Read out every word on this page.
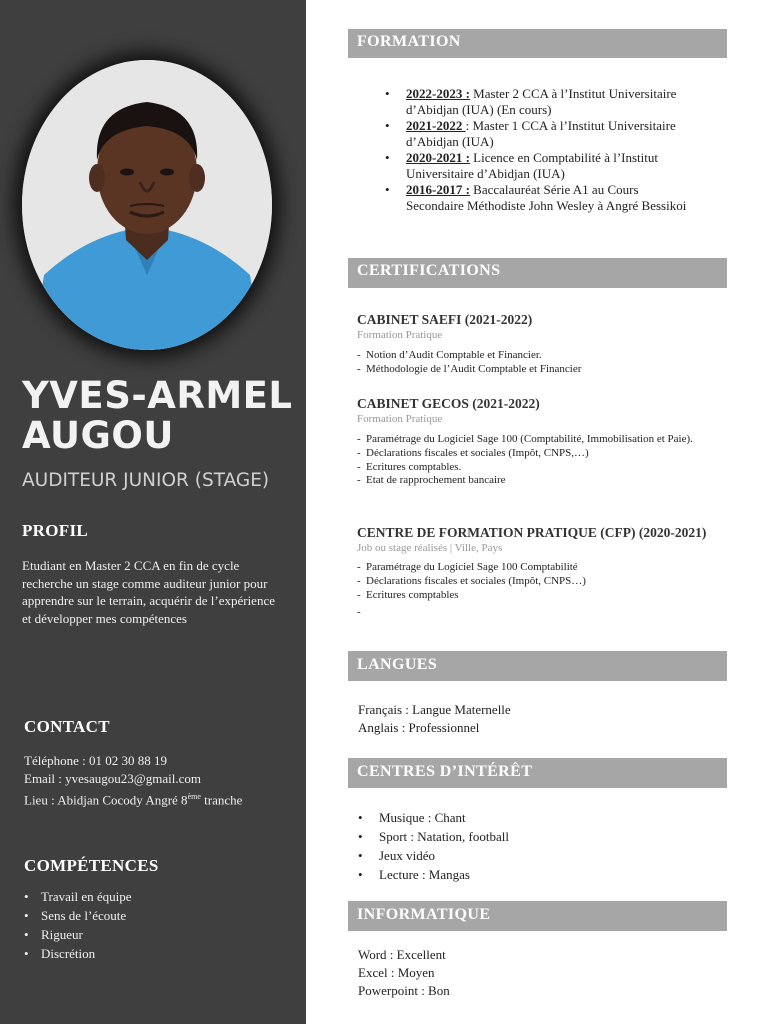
YVES-ARMEL
AUGOU
AUDITEUR JUNIOR (STAGE)
PROFIL

Etudiant en Master 2 CCA en fin de cycle recherche un stage comme auditeur junior pour apprendre sur le terrain, acquérir de l’expérience et développer mes compétences

CONTACT
Téléphone : 01 02 30 88 19
Email : yvesaugou23@gmail.com
Lieu : Abidjan Cocody Angré 8ème tranche
COMPÉTENCES
• Travail en équipe
• Sens de l’écoute
• Rigueur
• Discrétion
FORMATION
• 2022-2023 : Master 2 CCA à l’Institut Universitaire
d’Abidjan (IUA) (En cours)
• 2021-2022 : Master 1 CCA à l’Institut Universitaire
d’Abidjan (IUA)
• 2020-2021 : Licence en Comptabilité à l’Institut
Universitaire d’Abidjan (IUA)
• 2016-2017 : Baccalauréat Série A1 au Cours
Secondaire Méthodiste John Wesley à Angré Bessikoi
CERTIFICATIONS
CABINET SAEFI (2021-2022)
Formation Pratique
- Notion d’Audit Comptable et Financier.
- Méthodologie de l’Audit Comptable et Financier
CABINET GECOS (2021-2022)
Formation Pratique
- Paramétrage du Logiciel Sage 100 (Comptabilité, Immobilisation et Paie).
- Déclarations fiscales et sociales (Impôt, CNPS,…)
- Ecritures comptables.
- Etat de rapprochement bancaire
CENTRE DE FORMATION PRATIQUE (CFP) (2020-2021)
Job ou stage réalisés | Ville, Pays
- Paramétrage du Logiciel Sage 100 Comptabilité
- Déclarations fiscales et sociales (Impôt, CNPS…)
- Ecritures comptables
-
LANGUES
Français : Langue Maternelle
Anglais : Professionnel
CENTRES D’INTÉRÊT
• Musique : Chant
• Sport : Natation, football
• Jeux vidéo
• Lecture : Mangas
INFORMATIQUE
Word : Excellent
Excel : Moyen
Powerpoint : Bon
